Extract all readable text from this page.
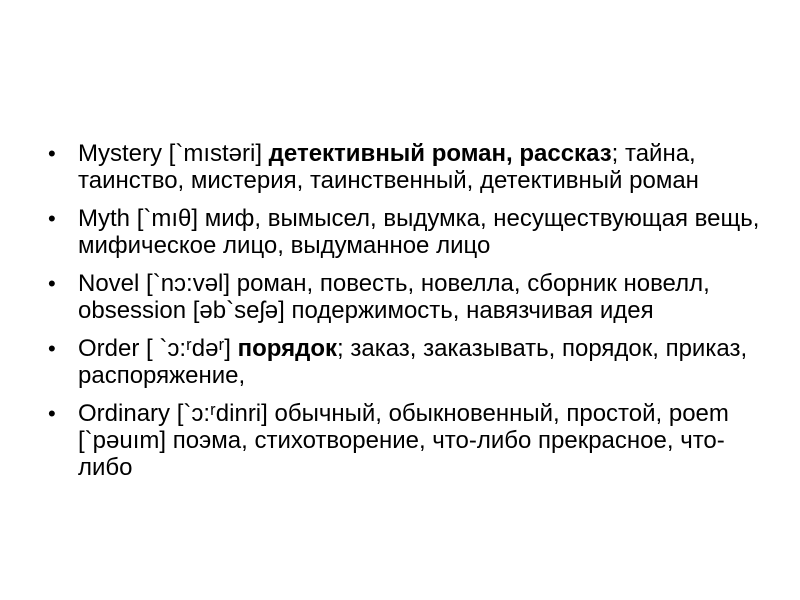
• Mystery [`mıstəri] детективный роман, рассказ; тайна, таинство, мистерия, таинственный, детективный роман
• Myth [`mıθ] миф, вымысел, выдумка, несуществующая вещь, мифическое лицо, выдуманное лицо
• Novel [`nɔ:vəl] роман, повесть, новелла, сборник новелл, obsession [əb`seʃə] подержимость, навязчивая идея
• Order [ `ɔ:ʳdəʳ] порядок; заказ, заказывать, порядок, приказ, распоряжение,
• Ordinary [`ɔ:ʳdinri] обычный, обыкновенный, простой, poem [`pəuım] поэма, стихотворение, что-либо прекрасное, что-либо
